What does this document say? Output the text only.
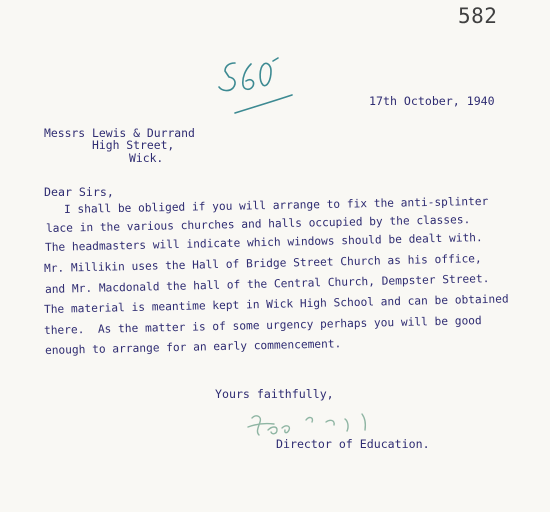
582
17th October, 1940
Messrs Lewis & Durrand
High Street,
Wick.
Dear Sirs,
I shall be obliged if you will arrange to fix the anti-splinter
lace in the various churches and halls occupied by the classes.
The headmasters will indicate which windows should be dealt with.
Mr. Millikin uses the Hall of Bridge Street Church as his office,
and Mr. Macdonald the hall of the Central Church, Dempster Street.
The material is meantime kept in Wick High School and can be obtained
there.  As the matter is of some urgency perhaps you will be good
enough to arrange for an early commencement.
Yours faithfully,
Director of Education.
